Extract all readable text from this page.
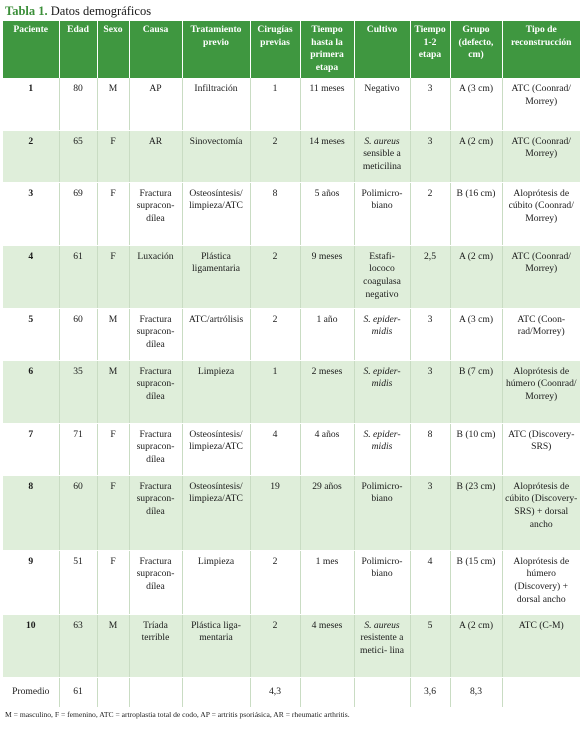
Tabla 1. Datos demográficos
Paciente	Edad	Sexo	Causa	Tratamiento previo	Cirugías previas	Tiempo hasta la primera etapa	Cultivo	Tiempo 1-2 etapa	Grupo (defecto, cm)	Tipo de reconstrucción
1	80	M	AP	Infiltración	1	11 meses	Negativo	3	A (3 cm)	ATC (Coonrad/ Morrey)
2	65	F	AR	Sinovectomía	2	14 meses	S. aureus sensible a meticilina	3	A (2 cm)	ATC (Coonrad/ Morrey)
3	69	F	Fractura supracon- dílea	Osteosíntesis/ limpieza/ATC	8	5 años	Polimicro- biano	2	B (16 cm)	Aloprótesis de cúbito (Coonrad/ Morrey)
4	61	F	Luxación	Plástica ligamentaria	2	9 meses	Estafi- lococo coagulasa negativo	2,5	A (2 cm)	ATC (Coonrad/ Morrey)
5	60	M	Fractura supracon- dílea	ATC/artrólisis	2	1 año	S. epider- midis	3	A (3 cm)	ATC (Coon- rad/Morrey)
6	35	M	Fractura supracon- dílea	Limpieza	1	2 meses	S. epider- midis	3	B (7 cm)	Aloprótesis de húmero (Coonrad/ Morrey)
7	71	F	Fractura supracon- dílea	Osteosíntesis/ limpieza/ATC	4	4 años	S. epider- midis	8	B (10 cm)	ATC (Discovery- SRS)
8	60	F	Fractura supracon- dílea	Osteosíntesis/ limpieza/ATC	19	29 años	Polimicro- biano	3	B (23 cm)	Aloprótesis de cúbito (Discovery- SRS) + dorsal ancho
9	51	F	Fractura supracon- dílea	Limpieza	2	1 mes	Polimicro- biano	4	B (15 cm)	Aloprótesis de húmero (Discovery) + dorsal ancho
10	63	M	Tríada terrible	Plástica liga- mentaria	2	4 meses	S. aureus resistente a metici- lina	5	A (2 cm)	ATC (C-M)
Promedio	61				4,3			3,6	8,3	
M = masculino, F = femenino, ATC = artroplastia total de codo, AP = artritis psoriásica, AR = rheumatic arthritis.
